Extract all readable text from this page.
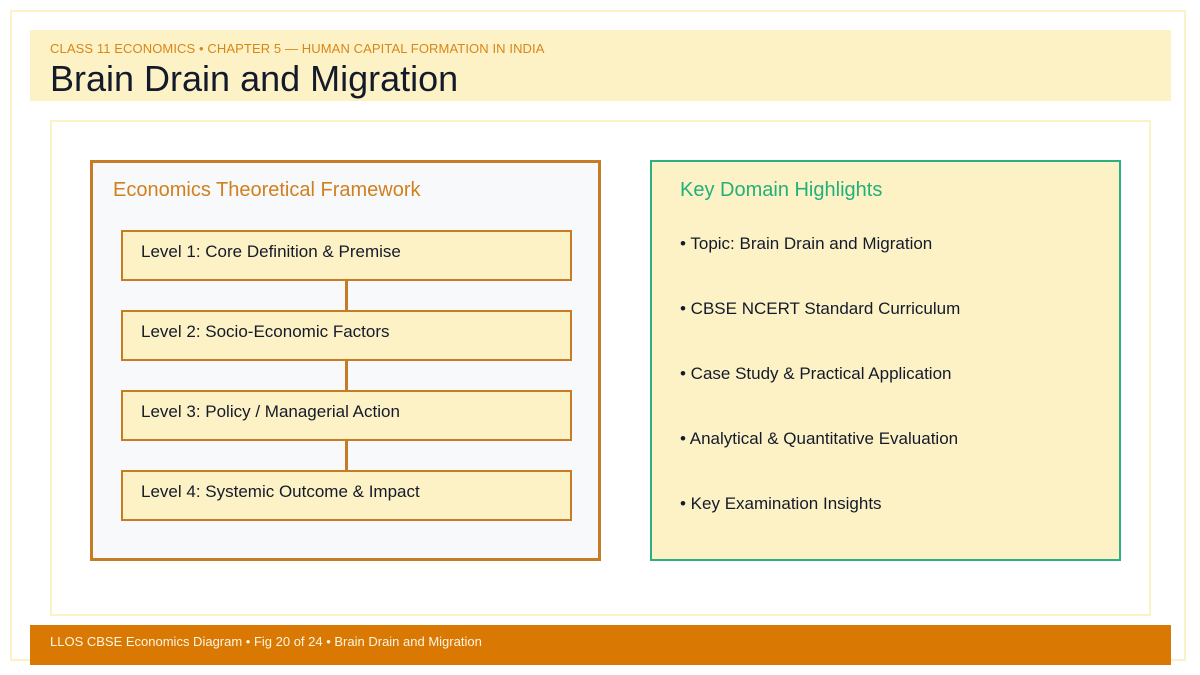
CLASS 11 ECONOMICS • CHAPTER 5 — HUMAN CAPITAL FORMATION IN INDIA
Brain Drain and Migration
Economics Theoretical Framework
Level 1: Core Definition & Premise
Level 2: Socio-Economic Factors
Level 3: Policy / Managerial Action
Level 4: Systemic Outcome & Impact
Key Domain Highlights
• Topic: Brain Drain and Migration
• CBSE NCERT Standard Curriculum
• Case Study & Practical Application
• Analytical & Quantitative Evaluation
• Key Examination Insights
LLOS CBSE Economics Diagram • Fig 20 of 24 • Brain Drain and Migration
